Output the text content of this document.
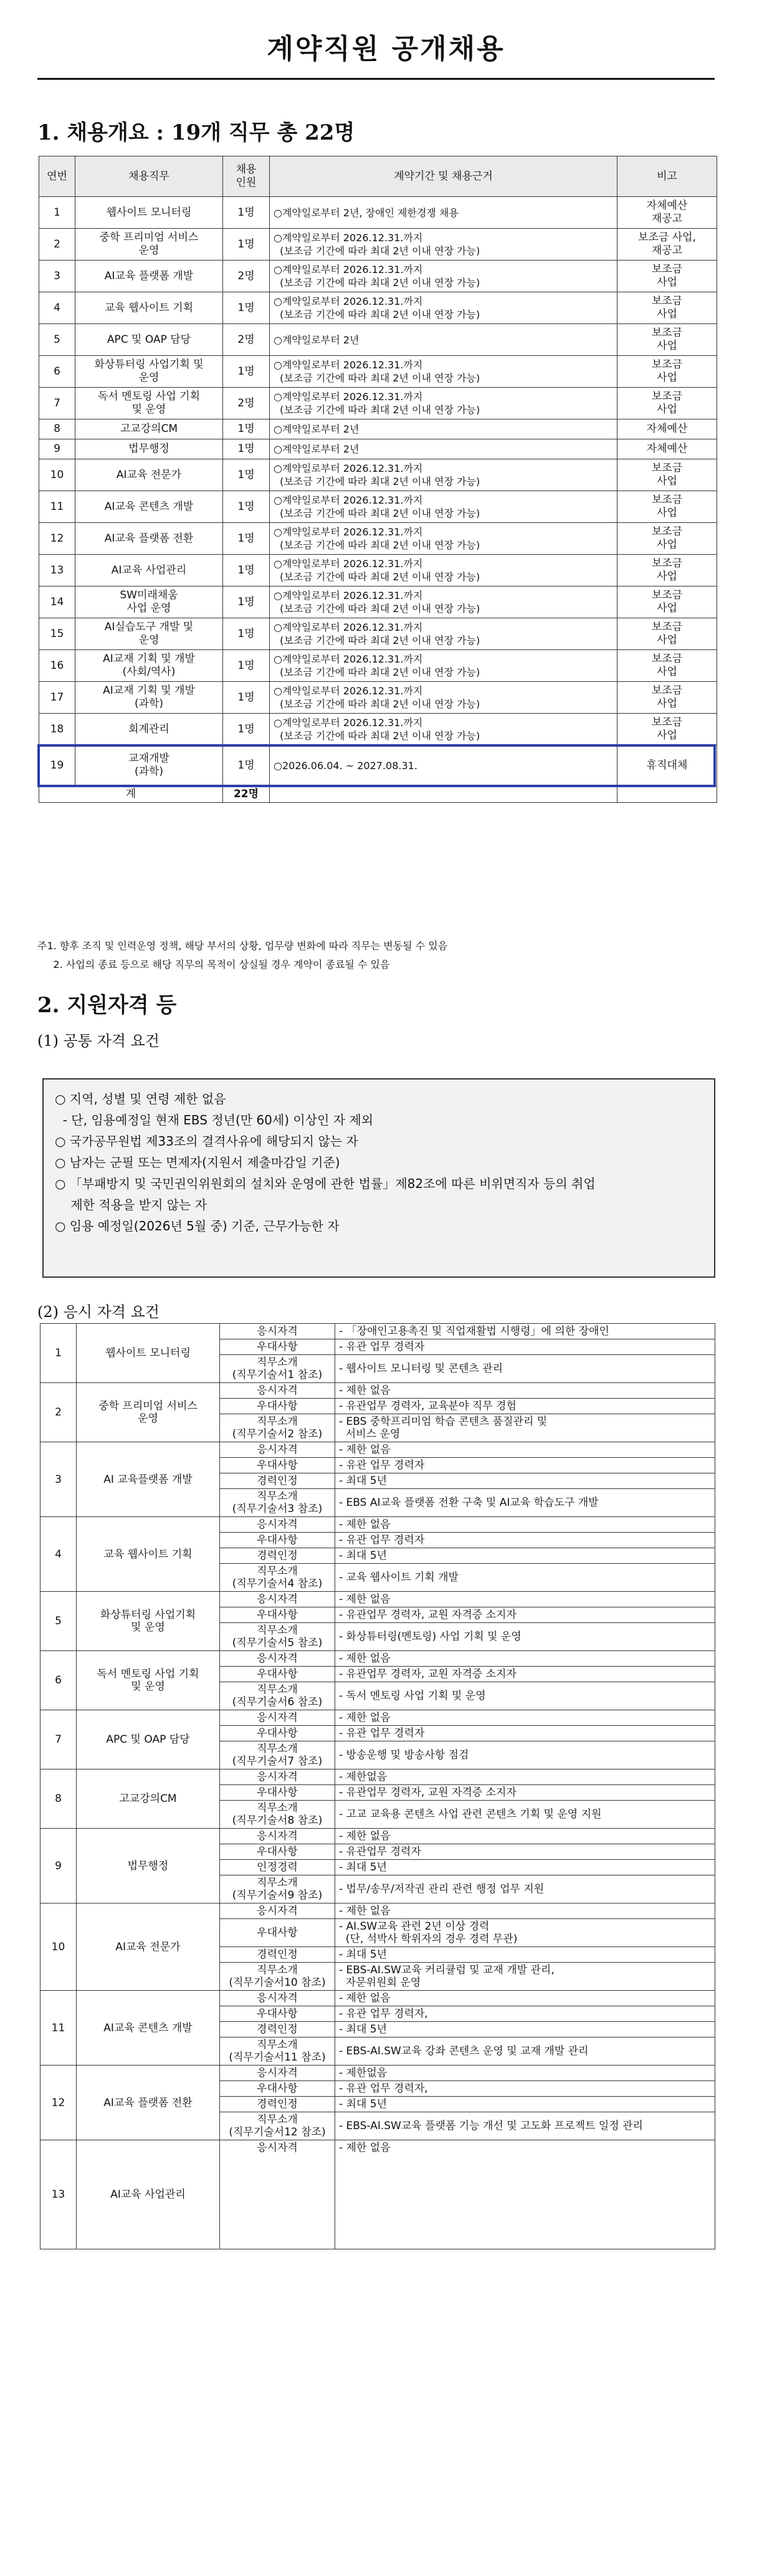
계약직원 공개채용
1. 채용개요 : 19개 직무 총 22명
연번	채용직무	채용
인원	계약기간 및 채용근거	비고
1	웹사이트 모니터링	1명	○계약일로부터 2년, 장애인 제한경쟁 채용	자체예산
재공고
2	중학 프리미엄 서비스
운영	1명	○계약일로부터 2026.12.31.까지
(보조금 기간에 따라 최대 2년 이내 연장 가능)	보조금 사업,
재공고
3	AI교육 플랫폼 개발	2명	○계약일로부터 2026.12.31.까지
(보조금 기간에 따라 최대 2년 이내 연장 가능)	보조금
사업
4	교육 웹사이트 기획	1명	○계약일로부터 2026.12.31.까지
(보조금 기간에 따라 최대 2년 이내 연장 가능)	보조금
사업
5	APC 및 OAP 담당	2명	○계약일로부터 2년	보조금
사업
6	화상튜터링 사업기획 및
운영	1명	○계약일로부터 2026.12.31.까지
(보조금 기간에 따라 최대 2년 이내 연장 가능)	보조금
사업
7	독서 멘토링 사업 기획
및 운영	2명	○계약일로부터 2026.12.31.까지
(보조금 기간에 따라 최대 2년 이내 연장 가능)	보조금
사업
8	고교강의CM	1명	○계약일로부터 2년	자체예산
9	법무행정	1명	○계약일로부터 2년	자체예산
10	AI교육 전문가	1명	○계약일로부터 2026.12.31.까지
(보조금 기간에 따라 최대 2년 이내 연장 가능)	보조금
사업
11	AI교육 콘텐츠 개발	1명	○계약일로부터 2026.12.31.까지
(보조금 기간에 따라 최대 2년 이내 연장 가능)	보조금
사업
12	AI교육 플랫폼 전환	1명	○계약일로부터 2026.12.31.까지
(보조금 기간에 따라 최대 2년 이내 연장 가능)	보조금
사업
13	AI교육 사업관리	1명	○계약일로부터 2026.12.31.까지
(보조금 기간에 따라 최대 2년 이내 연장 가능)	보조금
사업
14	SW미래채움
사업 운영	1명	○계약일로부터 2026.12.31.까지
(보조금 기간에 따라 최대 2년 이내 연장 가능)	보조금
사업
15	AI실습도구 개발 및
운영	1명	○계약일로부터 2026.12.31.까지
(보조금 기간에 따라 최대 2년 이내 연장 가능)	보조금
사업
16	AI교재 기획 및 개발
(사회/역사)	1명	○계약일로부터 2026.12.31.까지
(보조금 기간에 따라 최대 2년 이내 연장 가능)	보조금
사업
17	AI교재 기획 및 개발
(과학)	1명	○계약일로부터 2026.12.31.까지
(보조금 기간에 따라 최대 2년 이내 연장 가능)	보조금
사업
18	회계관리	1명	○계약일로부터 2026.12.31.까지
(보조금 기간에 따라 최대 2년 이내 연장 가능)	보조금
사업
19	교재개발
(과학)	1명	○2026.06.04. ~ 2027.08.31.	휴직대체
계		22명		
주1. 향후 조직 및 인력운영 정책, 해당 부서의 상황, 업무량 변화에 따라 직무는 변동될 수 있음
2. 사업의 종료 등으로 해당 직무의 목적이 상실될 경우 계약이 종료될 수 있음
2. 지원자격 등
(1) 공통 자격 요건
○ 지역, 성별 및 연령 제한 없음
- 단, 임용예정일 현재 EBS 정년(만 60세) 이상인 자 제외
○ 국가공무원법 제33조의 결격사유에 해당되지 않는 자
○ 남자는 군필 또는 면제자(지원서 제출마감일 기준)
○ 「부패방지 및 국민권익위원회의 설치와 운영에 관한 법률」제82조에 따른 비위면직자 등의 취업
제한 적용을 받지 않는 자
○ 임용 예정일(2026년 5월 중) 기준, 근무가능한 자
(2) 응시 자격 요건
1	웹사이트 모니터링	응시자격	- 「장애인고용촉진 및 직업재활법 시행령」에 의한 장애인
		우대사항	- 유관 업무 경력자
		직무소개
(직무기술서1 참조)	- 웹사이트 모니터링 및 콘텐츠 관리
2	중학 프리미엄 서비스
운영	응시자격	- 제한 없음
		우대사항	- 유관업무 경력자, 교육분야 직무 경험
		직무소개
(직무기술서2 참조)	- EBS 중학프리미엄 학습 콘텐츠 품질관리 및
서비스 운영
3	AI 교육플랫폼 개발	응시자격	- 제한 없음
		우대사항	- 유관 업무 경력자
		경력인정	- 최대 5년
		직무소개
(직무기술서3 참조)	- EBS AI교육 플랫폼 전환 구축 및 AI교육 학습도구 개발
4	교육 웹사이트 기획	응시자격	- 제한 없음
		우대사항	- 유관 업무 경력자
		경력인정	- 최대 5년
		직무소개
(직무기술서4 참조)	- 교육 웹사이트 기획 개발
5	화상튜터링 사업기획
및 운영	응시자격	- 제한 없음
		우대사항	- 유관업무 경력자, 교원 자격증 소지자
		직무소개
(직무기술서5 참조)	- 화상튜터링(멘토링) 사업 기획 및 운영
6	독서 멘토링 사업 기획
및 운영	응시자격	- 제한 없음
		우대사항	- 유관업무 경력자, 교원 자격증 소지자
		직무소개
(직무기술서6 참조)	- 독서 멘토링 사업 기획 및 운영
7	APC 및 OAP 담당	응시자격	- 제한 없음
		우대사항	- 유관 업무 경력자
		직무소개
(직무기술서7 참조)	- 방송운행 및 방송사항 점검
8	고교강의CM	응시자격	- 제한없음
		우대사항	- 유관업무 경력자, 교원 자격증 소지자
		직무소개
(직무기술서8 참조)	- 고교 교육용 콘텐츠 사업 관련 콘텐츠 기획 및 운영 지원
9	법무행정	응시자격	- 제한 없음
		우대사항	- 유관업무 경력자
		인정경력	- 최대 5년
		직무소개
(직무기술서9 참조)	- 법무/송무/저작권 관리 관련 행정 업무 지원
10	AI교육 전문가	응시자격	- 제한 없음
		우대사항	- AI.SW교육 관련 2년 이상 경력
(단, 석박사 학위자의 경우 경력 무관)
		경력인정	- 최대 5년
		직무소개
(직무기술서10 참조)	- EBS-AI.SW교육 커리큘럼 및 교재 개발 관리,
자문위원회 운영
11	AI교육 콘텐츠 개발	응시자격	- 제한 없음
		우대사항	- 유관 업무 경력자,
		경력인정	- 최대 5년
		직무소개
(직무기술서11 참조)	- EBS-AI.SW교육 강좌 콘텐츠 운영 및 교재 개발 관리
12	AI교육 플랫폼 전환	응시자격	- 제한없음
		우대사항	- 유관 업무 경력자,
		경력인정	- 최대 5년
		직무소개
(직무기술서12 참조)	- EBS-AI.SW교육 플랫폼 기능 개선 및 고도화 프로젝트 일정 관리
13	AI교육 사업관리	응시자격	- 제한 없음
